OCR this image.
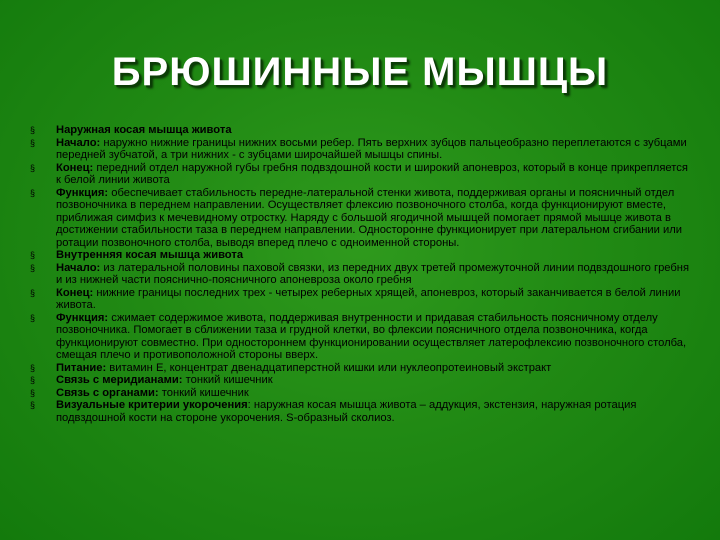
БРЮШИННЫЕ МЫШЦЫ
§ Наружная косая мышца живота
§ Начало: наружно нижние границы нижних восьми ребер. Пять верхних зубцов пальцеобразно переплетаются с зубцами передней зубчатой, а три нижних - с зубцами широчайшей мышцы спины.
§ Конец: передний отдел наружной губы гребня подвздошной кости и широкий апоневроз, который в конце прикрепляется к белой линии живота
§ Функция: обеспечивает стабильность передне-латеральной стенки живота, поддерживая органы и поясничный отдел позвоночника в переднем направлении. Осуществляет флексию позвоночного столба, когда функционируют вместе, приближая симфиз к мечевидному отростку. Наряду с большой ягодичной мышцей помогает прямой мышце живота в достижении стабильности таза в переднем направлении. Односторонне функционирует при латеральном сгибании или ротации позвоночного столба, выводя вперед плечо с одноименной стороны.
§ Внутренняя косая мышца живота
§ Начало: из латеральной половины паховой связки, из передних двух третей промежуточной линии подвздошного гребня и из нижней части пояснично-поясничного апоневроза около гребня
§ Конец: нижние границы последних трех - четырех реберных хрящей, апоневроз, который заканчивается в белой линии живота.
§ Функция: сжимает содержимое живота, поддерживая внутренности и придавая стабильность поясничному отделу позвоночника. Помогает в сближении таза и грудной клетки, во флексии поясничного отдела позвоночника, когда функционируют совместно. При одностороннем функционировании осуществляет латерофлексию позвоночного столба, смещая плечо и противоположной стороны вверх.
§ Питание: витамин Е, концентрат двенадцатиперстной кишки или нуклеопротеиновый экстракт
§ Связь с меридианами: тонкий кишечник
§ Связь с органами: тонкий кишечник
§ Визуальные критерии укорочения: наружная косая мышца живота – аддукция, экстензия, наружная ротация подвздошной кости на стороне укорочения. S-образный сколиоз.
